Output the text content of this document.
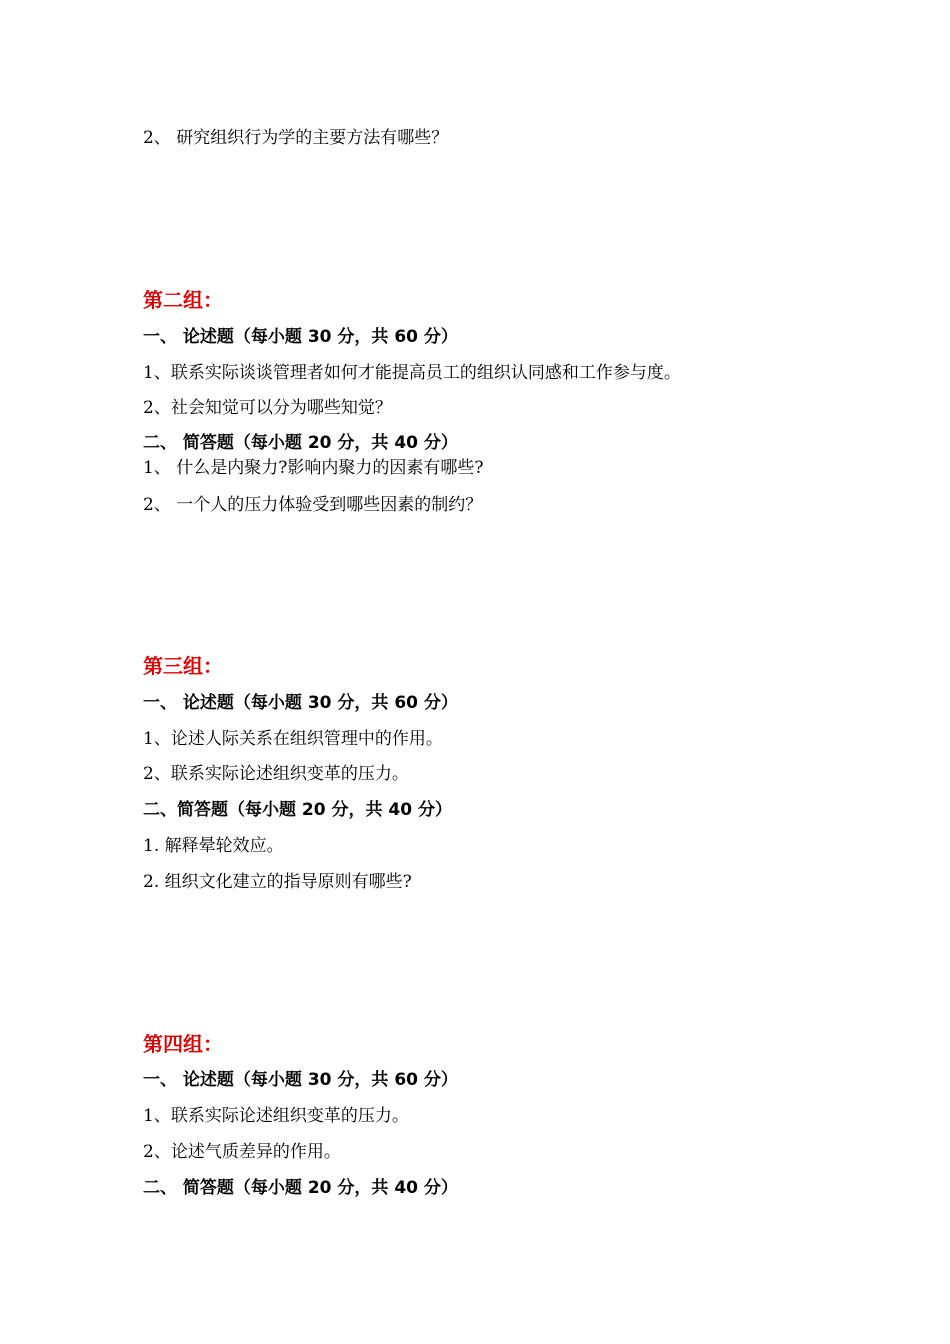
2、 研究组织行为学的主要方法有哪些？
第二组：
一、 论述题（每小题 30 分，共 60 分）
1、联系实际谈谈管理者如何才能提高员工的组织认同感和工作参与度。
2、社会知觉可以分为哪些知觉？
二、 简答题（每小题 20 分，共 40 分）
1、 什么是内聚力?影响内聚力的因素有哪些?
2、 一个人的压力体验受到哪些因素的制约？
第三组：
一、 论述题（每小题 30 分，共 60 分）
1、论述人际关系在组织管理中的作用。
2、联系实际论述组织变革的压力。
二、简答题（每小题 20 分，共 40 分）
1. 解释晕轮效应。
2. 组织文化建立的指导原则有哪些?
第四组：
一、 论述题（每小题 30 分，共 60 分）
1、联系实际论述组织变革的压力。
2、论述气质差异的作用。
二、 简答题（每小题 20 分，共 40 分）
